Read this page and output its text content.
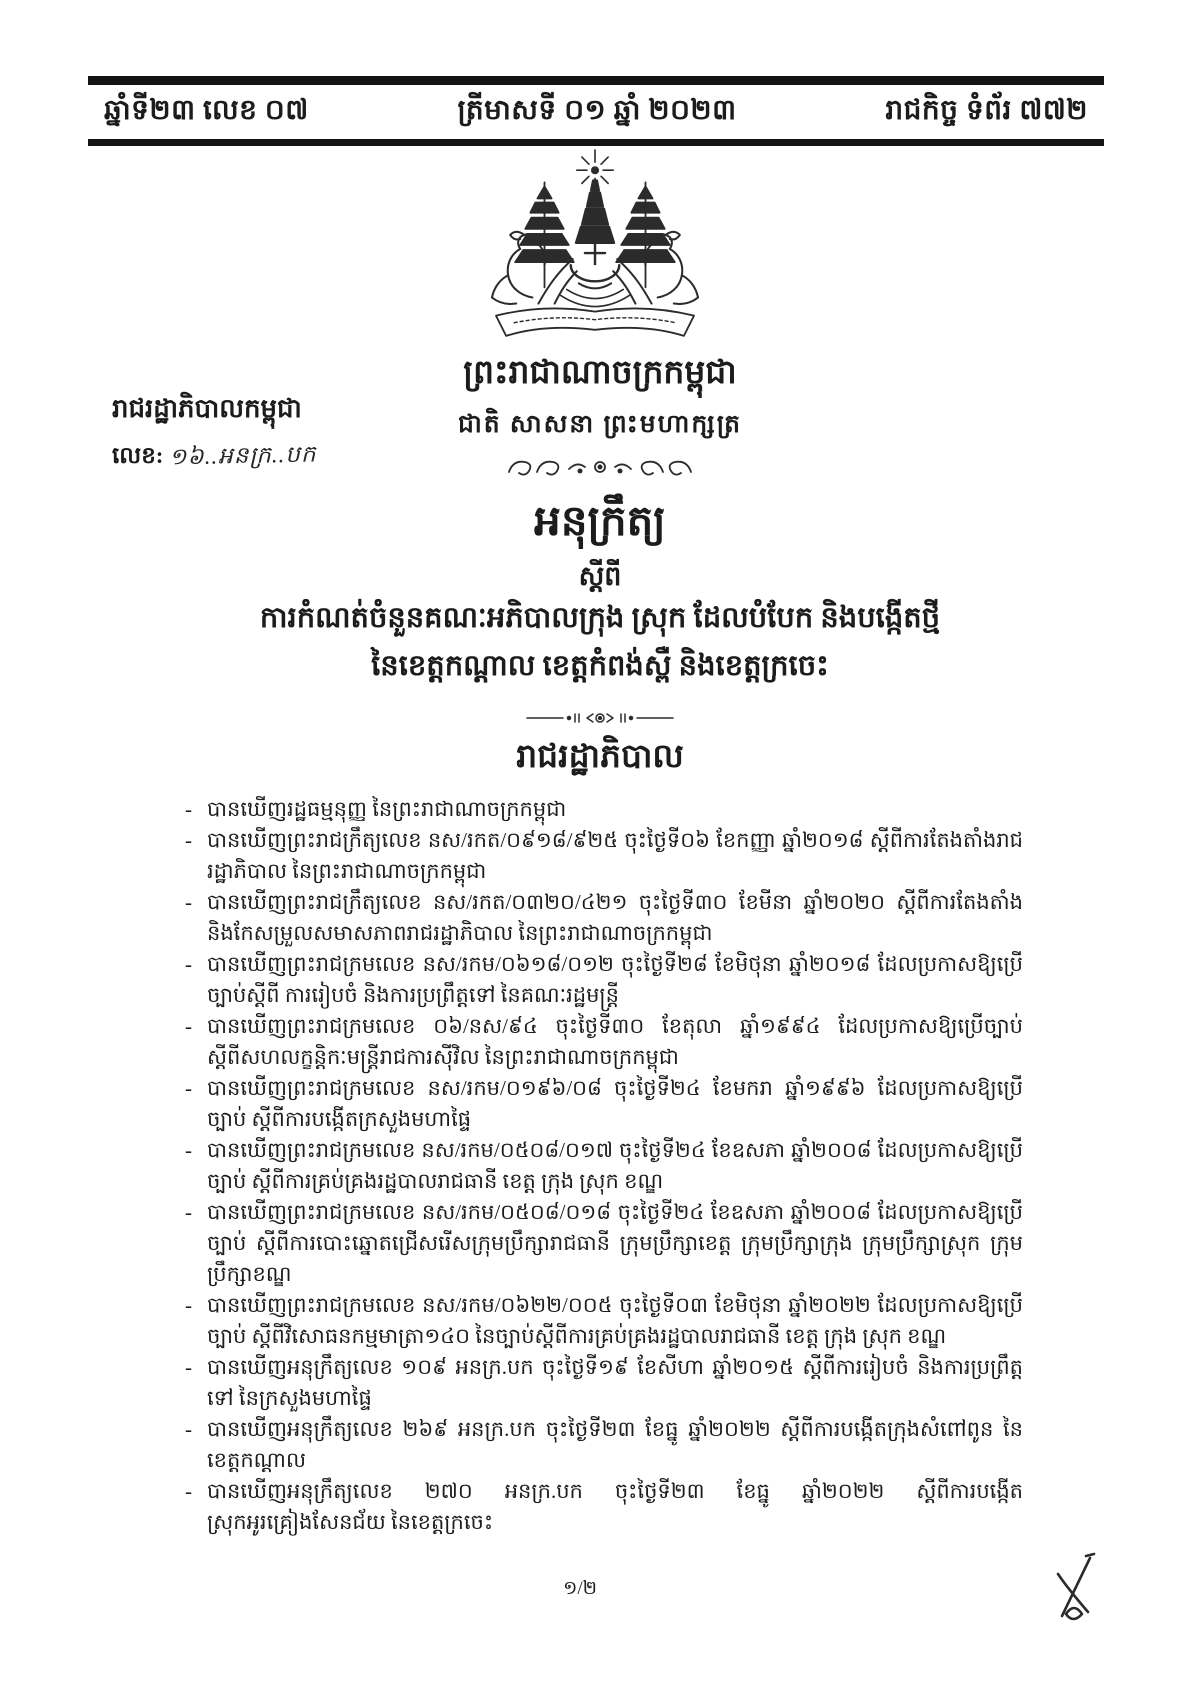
ឆ្នាំទី២៣ លេខ ០៧	ត្រីមាសទី ០១ ឆ្នាំ ២០២៣	រាជកិច្ច ទំព័រ ៧៧២
រាជរដ្ឋាភិបាលកម្ពុជា
លេខ: ១៦..អនក្រ..បក
ព្រះរាជាណាចក្រកម្ពុជា
ជាតិ សាសនា ព្រះមហាក្សត្រ
អនុក្រឹត្យ
ស្តីពី
ការកំណត់ចំនួនគណៈអភិបាលក្រុង ស្រុក ដែលបំបែក និងបង្កើតថ្មី
នៃខេត្តកណ្តាល ខេត្តកំពង់ស្ពឺ និងខេត្តក្រចេះ
រាជរដ្ឋាភិបាល
- បានឃើញរដ្ឋធម្មនុញ្ញ នៃព្រះរាជាណាចក្រកម្ពុជា
- បានឃើញព្រះរាជក្រឹត្យលេខ នស/រកត/០៩១៨/៩២៥ ចុះថ្ងៃទី០៦ ខែកញ្ញា ឆ្នាំ២០១៨ ស្តីពីការតែងតាំងរាជរដ្ឋាភិបាល នៃព្រះរាជាណាចក្រកម្ពុជា
- បានឃើញព្រះរាជក្រឹត្យលេខ នស/រកត/០៣២០/៤២១ ចុះថ្ងៃទី៣០ ខែមីនា ឆ្នាំ២០២០ ស្តីពីការតែងតាំង និងកែសម្រួលសមាសភាពរាជរដ្ឋាភិបាល នៃព្រះរាជាណាចក្រកម្ពុជា
- បានឃើញព្រះរាជក្រមលេខ នស/រកម/០៦១៨/០១២ ចុះថ្ងៃទី២៨ ខែមិថុនា ឆ្នាំ២០១៨ ដែលប្រកាសឱ្យប្រើច្បាប់ស្តីពី ការរៀបចំ និងការប្រព្រឹត្តទៅ នៃគណៈរដ្ឋមន្ត្រី
- បានឃើញព្រះរាជក្រមលេខ ០៦/នស/៩៤ ចុះថ្ងៃទី៣០ ខែតុលា ឆ្នាំ១៩៩៤ ដែលប្រកាសឱ្យប្រើច្បាប់ ស្តីពីសហលក្ខន្តិកៈមន្ត្រីរាជការស៊ីវិល នៃព្រះរាជាណាចក្រកម្ពុជា
- បានឃើញព្រះរាជក្រមលេខ នស/រកម/០១៩៦/០៨ ចុះថ្ងៃទី២៤ ខែមករា ឆ្នាំ១៩៩៦ ដែលប្រកាសឱ្យប្រើច្បាប់ ស្តីពីការបង្កើតក្រសួងមហាផ្ទៃ
- បានឃើញព្រះរាជក្រមលេខ នស/រកម/០៥០៨/០១៧ ចុះថ្ងៃទី២៤ ខែឧសភា ឆ្នាំ២០០៨ ដែលប្រកាសឱ្យប្រើច្បាប់ ស្តីពីការគ្រប់គ្រងរដ្ឋបាលរាជធានី ខេត្ត ក្រុង ស្រុក ខណ្ឌ
- បានឃើញព្រះរាជក្រមលេខ នស/រកម/០៥០៨/០១៨ ចុះថ្ងៃទី២៤ ខែឧសភា ឆ្នាំ២០០៨ ដែលប្រកាសឱ្យប្រើច្បាប់ ស្តីពីការបោះឆ្នោតជ្រើសរើសក្រុមប្រឹក្សារាជធានី ក្រុមប្រឹក្សាខេត្ត ក្រុមប្រឹក្សាក្រុង ក្រុមប្រឹក្សាស្រុក ក្រុមប្រឹក្សាខណ្ឌ
- បានឃើញព្រះរាជក្រមលេខ នស/រកម/០៦២២/០០៥ ចុះថ្ងៃទី០៣ ខែមិថុនា ឆ្នាំ២០២២ ដែលប្រកាសឱ្យប្រើច្បាប់ ស្តីពីវិសោធនកម្មមាត្រា១៤០ នៃច្បាប់ស្តីពីការគ្រប់គ្រងរដ្ឋបាលរាជធានី ខេត្ត ក្រុង ស្រុក ខណ្ឌ
- បានឃើញអនុក្រឹត្យលេខ ១០៩ អនក្រ.បក ចុះថ្ងៃទី១៩ ខែសីហា ឆ្នាំ២០១៥ ស្តីពីការរៀបចំ និងការប្រព្រឹត្តទៅ នៃក្រសួងមហាផ្ទៃ
- បានឃើញអនុក្រឹត្យលេខ ២៦៩ អនក្រ.បក ចុះថ្ងៃទី២៣ ខែធ្នូ ឆ្នាំ២០២២ ស្តីពីការបង្កើតក្រុងសំពៅពូន នៃខេត្តកណ្តាល
- បានឃើញអនុក្រឹត្យលេខ ២៧០ អនក្រ.បក ចុះថ្ងៃទី២៣ ខែធ្នូ ឆ្នាំ២០២២ ស្តីពីការបង្កើតស្រុកអូរគ្រៀងសែនជ័យ នៃខេត្តក្រចេះ
១/២
